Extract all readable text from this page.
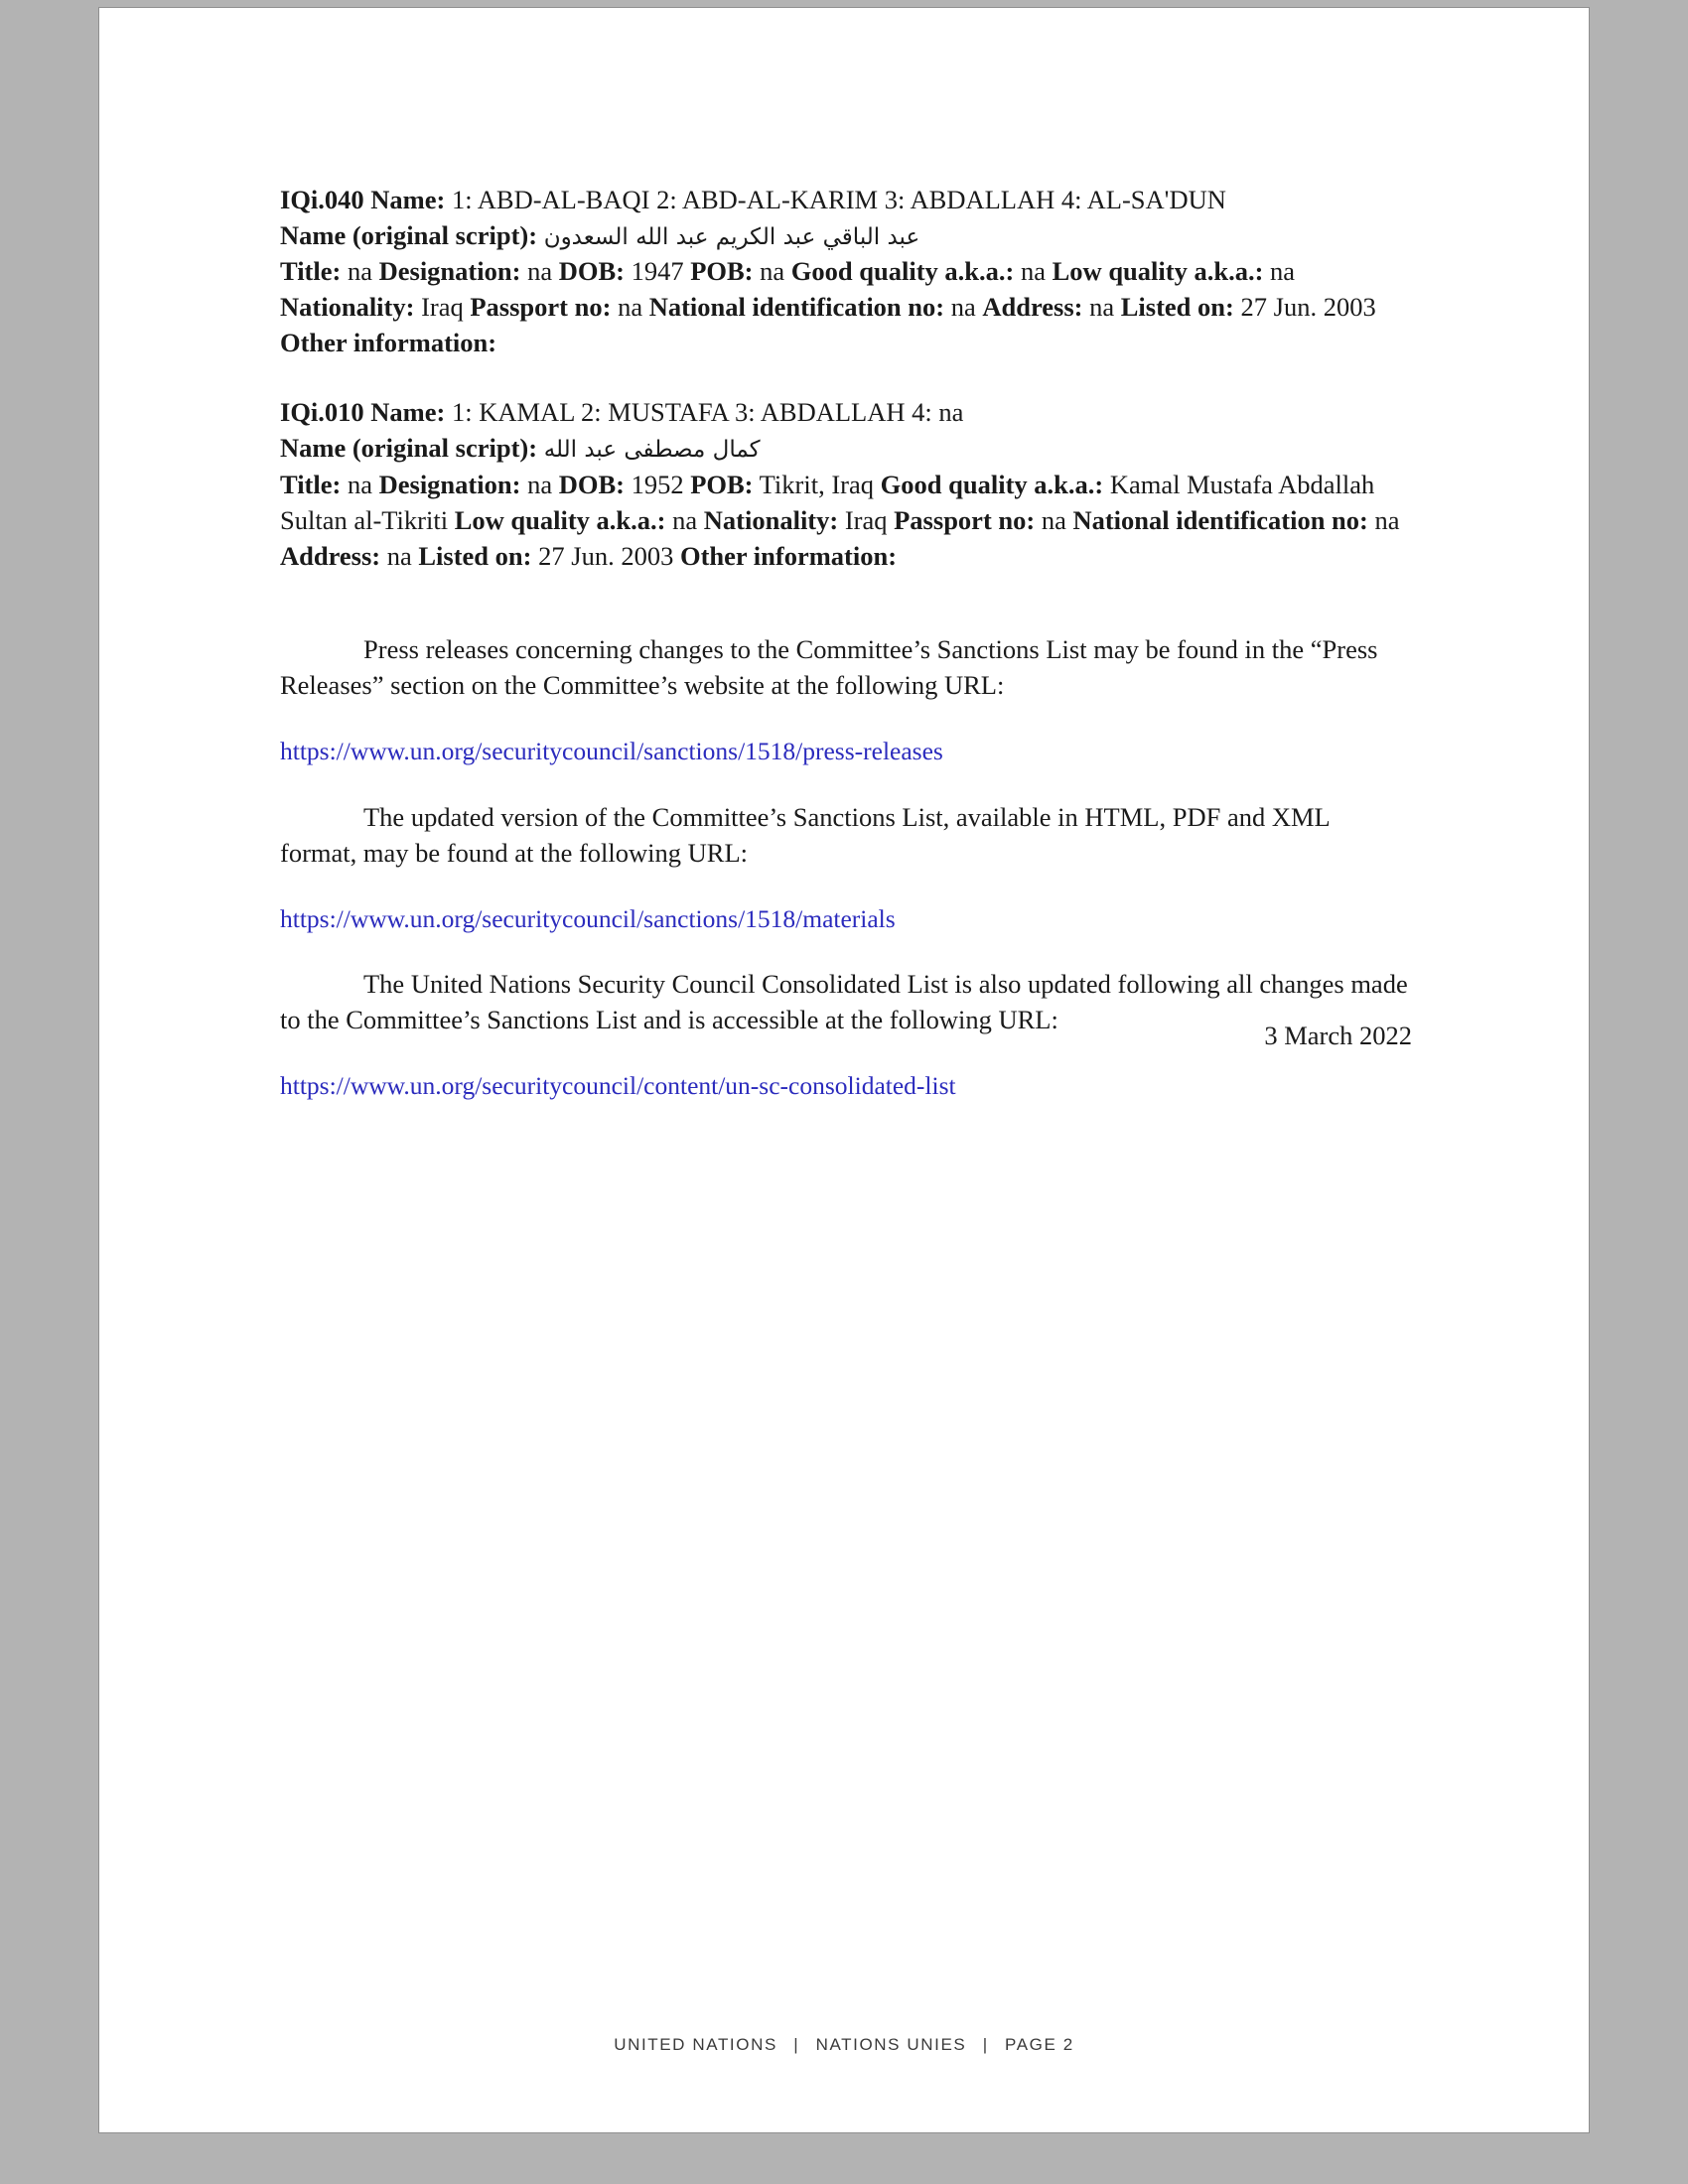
IQi.040 Name: 1: ABD-AL-BAQI 2: ABD-AL-KARIM 3: ABDALLAH 4: AL-SA'DUN

Name (original script): عبد الباقي عبد الكريم عبد الله السعدون

Title: na Designation: na DOB: 1947 POB: na Good quality a.k.a.: na Low quality a.k.a.: na Nationality: Iraq Passport no: na National identification no: na Address: na Listed on: 27 Jun. 2003 Other information:

IQi.010 Name: 1: KAMAL 2: MUSTAFA 3: ABDALLAH 4: na

Name (original script): كمال مصطفى عبد الله

Title: na Designation: na DOB: 1952 POB: Tikrit, Iraq Good quality a.k.a.: Kamal Mustafa Abdallah Sultan al-Tikriti Low quality a.k.a.: na Nationality: Iraq Passport no: na National identification no: na Address: na Listed on: 27 Jun. 2003 Other information:

Press releases concerning changes to the Committee’s Sanctions List may be found in the “Press Releases” section on the Committee’s website at the following URL:

https://www.un.org/securitycouncil/sanctions/1518/press-releases

The updated version of the Committee’s Sanctions List, available in HTML, PDF and XML format, may be found at the following URL:

https://www.un.org/securitycouncil/sanctions/1518/materials

The United Nations Security Council Consolidated List is also updated following all changes made to the Committee’s Sanctions List and is accessible at the following URL:

https://www.un.org/securitycouncil/content/un-sc-consolidated-list

3 March 2022
UNITED NATIONS | NATIONS UNIES | PAGE 2
